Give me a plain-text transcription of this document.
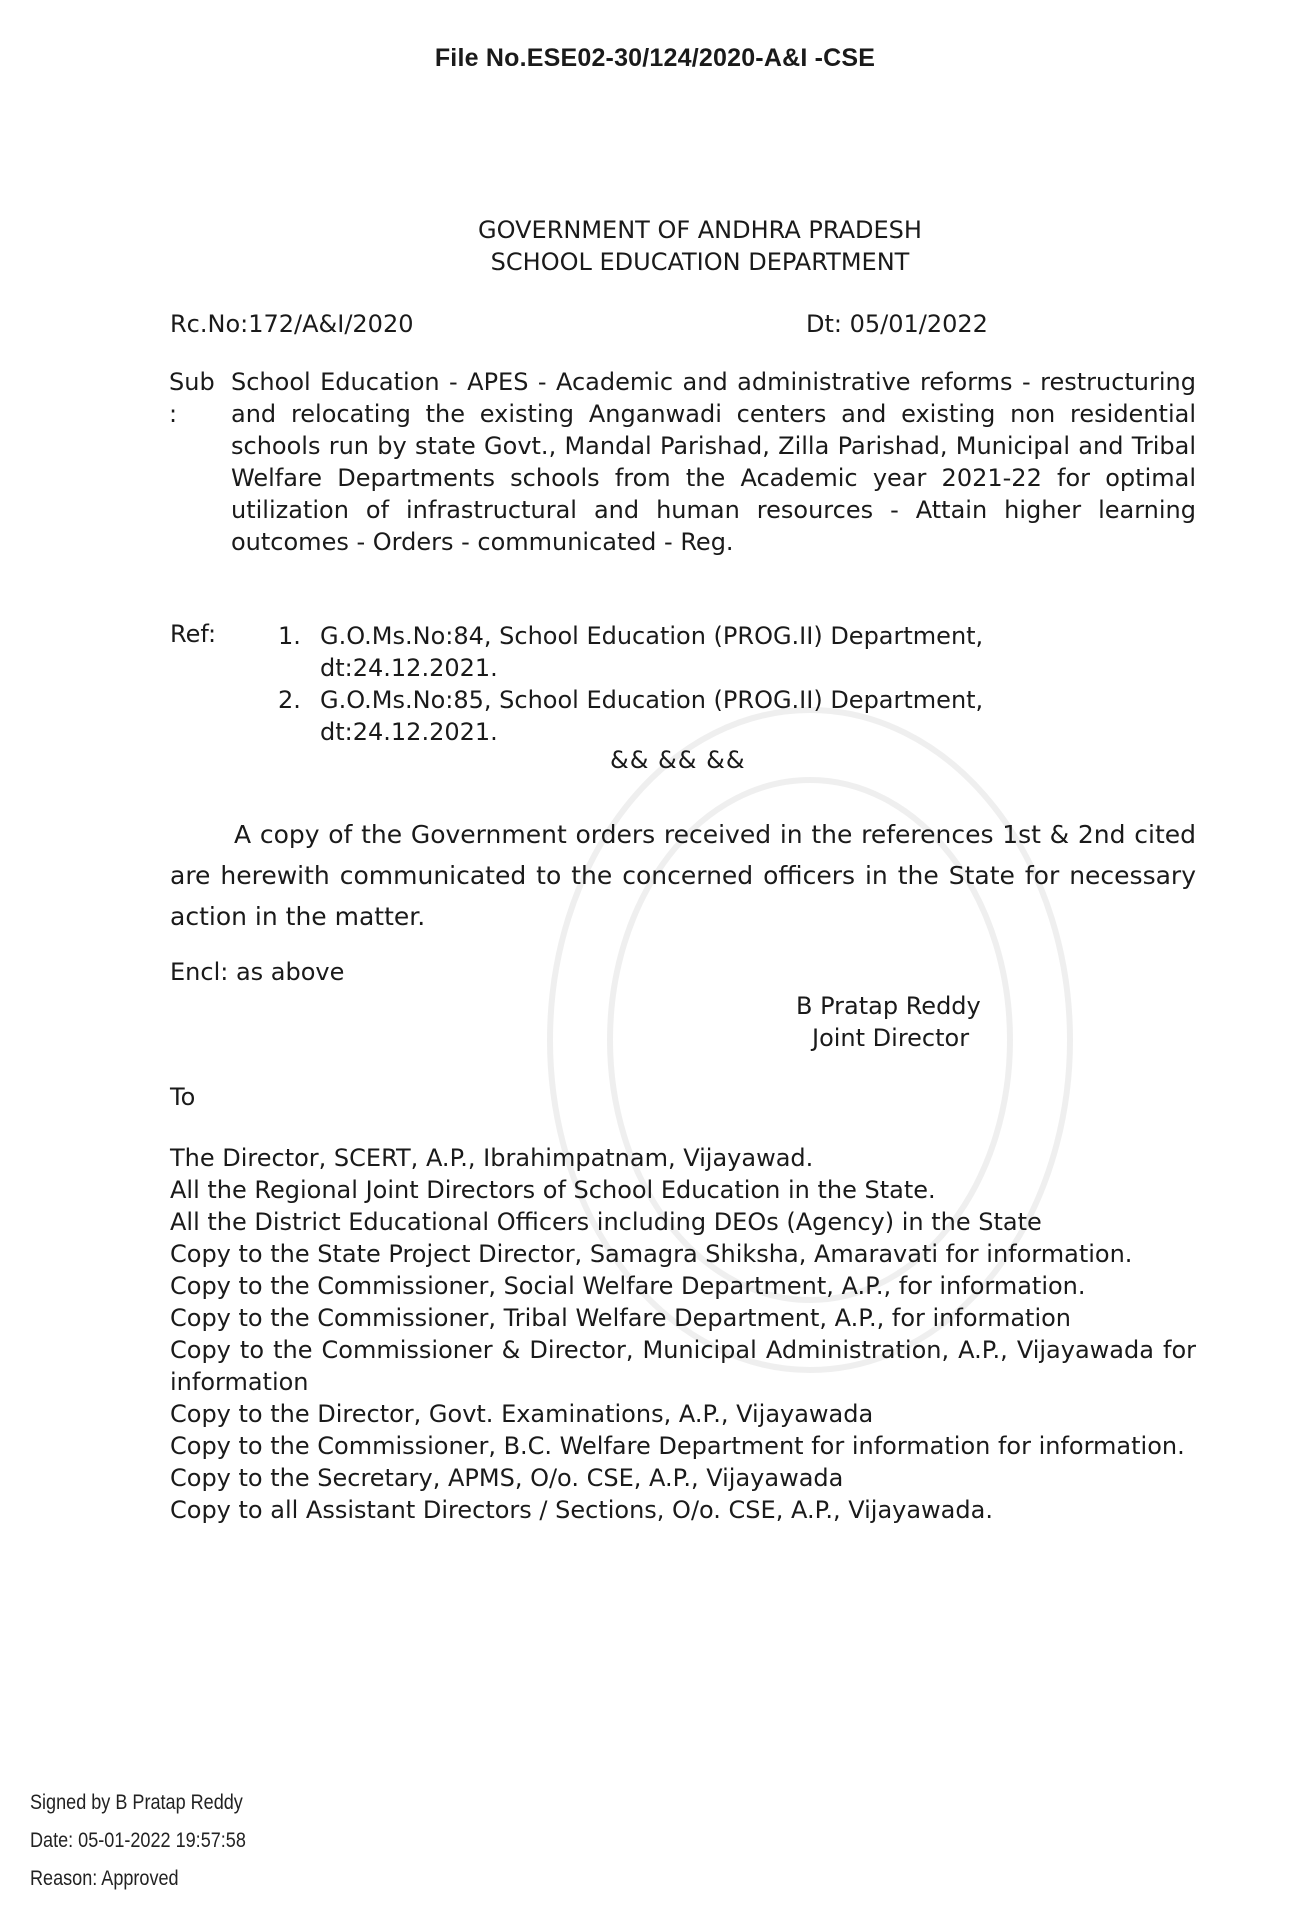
File No.ESE02-30/124/2020-A&I -CSE
GOVERNMENT OF ANDHRA PRADESH
SCHOOL EDUCATION DEPARTMENT
Rc.No:172/A&I/2020	Dt: 05/01/2022
Sub
:
School Education - APES - Academic and administrative reforms - restructuring and relocating the existing Anganwadi centers and existing non residential schools run by state Govt., Mandal Parishad, Zilla Parishad, Municipal and Tribal Welfare Departments schools from the Academic year 2021-22 for optimal utilization of infrastructural and human resources - Attain higher learning outcomes - Orders - communicated - Reg.
Ref:	1. G.O.Ms.No:84, School Education (PROG.II) Department,
dt:24.12.2021.
2. G.O.Ms.No:85, School Education (PROG.II) Department,
dt:24.12.2021.
&& && &&
A copy of the Government orders received in the references 1st & 2nd cited are herewith communicated to the concerned officers in the State for necessary action in the matter.
Encl: as above
B Pratap Reddy
Joint Director
To

The Director, SCERT, A.P., Ibrahimpatnam, Vijayawad.

All the Regional Joint Directors of School Education in the State.

All the District Educational Officers including DEOs (Agency) in the State

Copy to the State Project Director, Samagra Shiksha, Amaravati for information.

Copy to the Commissioner, Social Welfare Department, A.P., for information.

Copy to the Commissioner, Tribal Welfare Department, A.P., for information

Copy to the Commissioner & Director, Municipal Administration, A.P., Vijayawada for information

Copy to the Director, Govt. Examinations, A.P., Vijayawada

Copy to the Commissioner, B.C. Welfare Department for information for information.

Copy to the Secretary, APMS, O/o. CSE, A.P., Vijayawada

Copy to all Assistant Directors / Sections, O/o. CSE, A.P., Vijayawada.

Signed by B Pratap Reddy
Date: 05-01-2022 19:57:58
Reason: Approved
